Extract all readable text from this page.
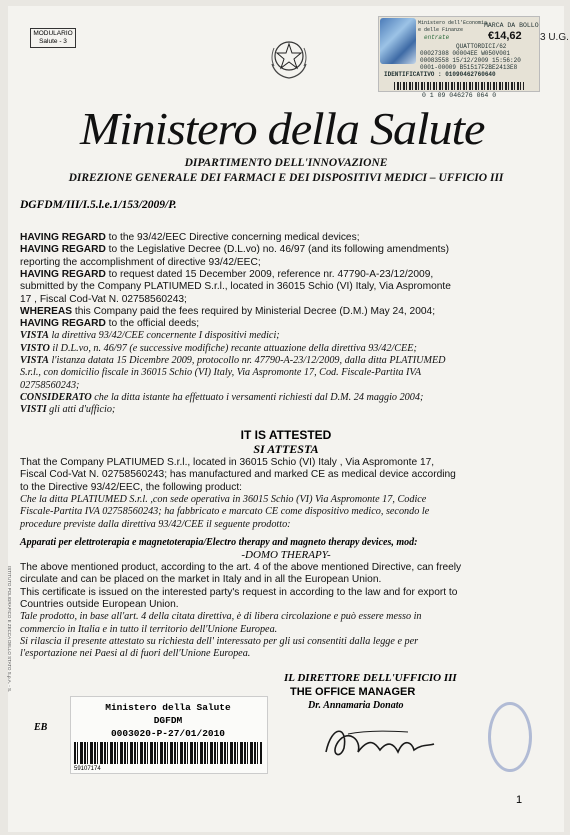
MODULARIO
Salute - 3	3 U.G.
Ministero dell'Economia e delle Finanze
entrate
MARCA DA BOLLO
€14,62
QUATTORDICI/62
00027308 00004EE W050V001
00083558 15/12/2009 15:56:20
0001-00009 B51517F2BE2413E8
IDENTIFICATIVO : 01090462760640
0 1 09 046276 064 0
Ministero della Salute
DIPARTIMENTO DELL'INNOVAZIONE
DIREZIONE GENERALE DEI FARMACI E DEI DISPOSITIVI MEDICI – UFFICIO III
DGFDM/III/I.5.l.e.1/153/2009/P.
IT IS ATTESTED
SI ATTESTA
Apparati per elettroterapia e magnetoterapia/Electro therapy and magneto therapy devices, mod:
-DOMO THERAPY-
ISTITUTO POLIGRAFICO E ZECCA DELLO STATO S.p.A. - S.	IL DIRETTORE DELL'UFFICIO III
THE OFFICE MANAGER
Dr. Annamaria Donato
EB
Ministero della Salute
DGFDM
0003020-P-27/01/2010
59107174
1
HAVING REGARD to the 93/42/EEC Directive concerning medical devices;
HAVING REGARD to the Legislative Decree (D.L.vo) no. 46/97 (and its following amendments)
reporting the accomplishment of directive 93/42/EEC;
HAVING REGARD to request dated 15 December 2009, reference nr. 47790-A-23/12/2009,
submitted by the Company PLATIUMED S.r.l., located in 36015 Schio (VI) Italy, Via Aspromonte
17 , Fiscal Cod-Vat N. 02758560243;
WHEREAS this Company paid the fees required by Ministerial Decree (D.M.) May 24, 2004;
HAVING REGARD to the official deeds;
VISTA la direttiva 93/42/CEE concernente I dispositivi medici;
VISTO il D.L.vo, n. 46/97 (e successive modifiche) recante attuazione della direttiva 93/42/CEE;
VISTA l'istanza datata 15 Dicembre 2009, protocollo nr. 47790-A-23/12/2009, dalla ditta PLATIUMED
S.r.l., con domicilio fiscale in 36015 Schio (VI) Italy, Via Aspromonte 17, Cod. Fiscale-Partita IVA
02758560243;
CONSIDERATO che la ditta istante ha effettuato i versamenti richiesti dal D.M. 24 maggio 2004;
VISTI gli atti d'ufficio;
That the Company PLATIUMED S.r.l., located in 36015 Schio (VI) Italy , Via Aspromonte 17,
Fiscal Cod-Vat N. 02758560243; has manufactured and marked CE as medical device according
to the Directive 93/42/EEC, the following product:
Che la ditta PLATIUMED S.r.l. ,con sede operativa in 36015 Schio (VI) Via Aspromonte 17, Codice
Fiscale-Partita IVA 02758560243; ha fabbricato e marcato CE come dispositivo medico, secondo le
procedure previste dalla direttiva 93/42/CEE il seguente prodotto:
The above mentioned product, according to the art. 4 of the above mentioned Directive, can freely
circulate and can be placed on the market in Italy and in all the European Union.
This certificate is issued on the interested party's request in according to the law and for export to
Countries outside European Union.
Tale prodotto, in base all'art. 4 della citata direttiva, è di libera circolazione e può essere messo in
commercio in Italia e in tutto il territorio dell'Unione Europea.
Si rilascia il presente attestato su richiesta dell' interessato per gli usi consentiti dalla legge e per
l'esportazione nei Paesi al di fuori dell'Unione Europea.
